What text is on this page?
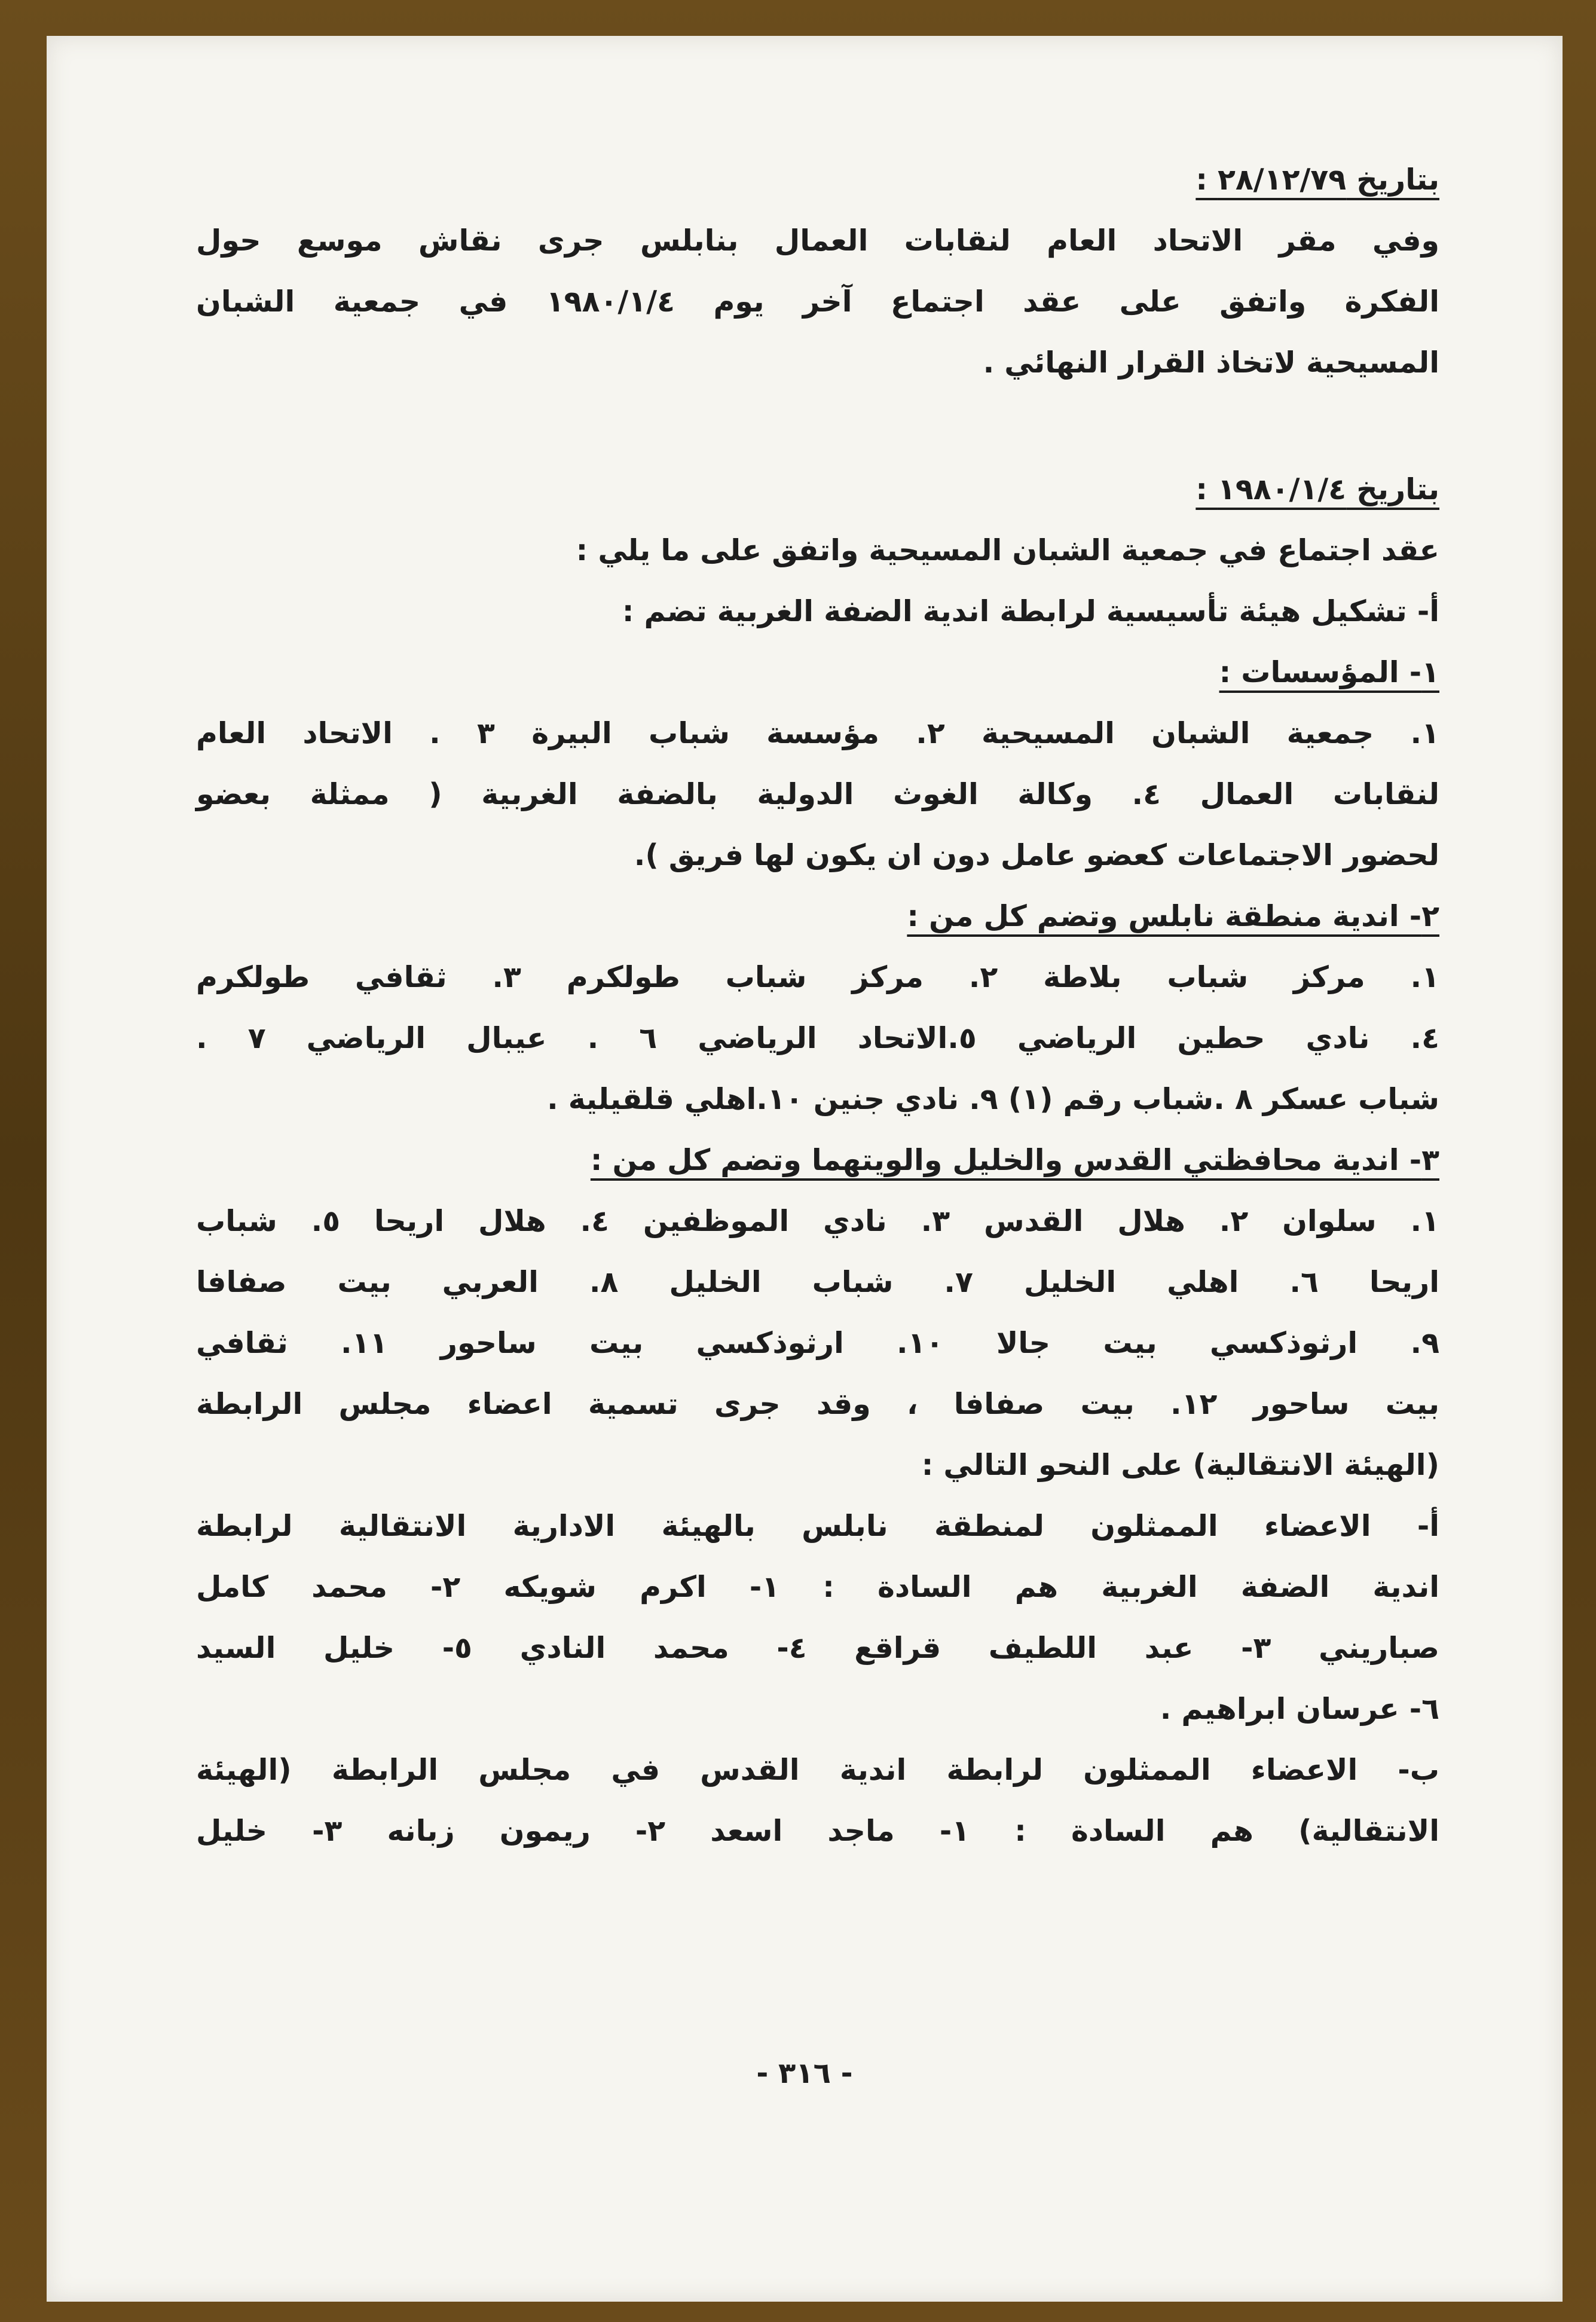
بتاريخ ٢٨/١٢/٧٩ :
وفي مقر الاتحاد العام لنقابات العمال بنابلس جرى نقاش موسع حول
الفكرة واتفق على عقد اجتماع آخر يوم ١٩٨٠/١/٤ في جمعية الشبان
المسيحية لاتخاذ القرار النهائي .
بتاريخ ١٩٨٠/١/٤ :
عقد اجتماع في جمعية الشبان المسيحية واتفق على ما يلي :
أ- تشكيل هيئة تأسيسية لرابطة اندية الضفة الغربية تضم :
١- المؤسسات :
١. جمعية الشبان المسيحية ٢. مؤسسة شباب البيرة ٣ . الاتحاد العام
لنقابات العمال ٤. وكالة الغوث الدولية بالضفة الغربية ( ممثلة بعضو
لحضور الاجتماعات كعضو عامل دون ان يكون لها فريق ).
٢- اندية منطقة نابلس وتضم كل من :
١. مركز شباب بلاطة ٢. مركز شباب طولكرم ٣. ثقافي طولكرم
٤. نادي حطين الرياضي ٥.الاتحاد الرياضي ٦ . عيبال الرياضي ٧ .
شباب عسكر ٨ .شباب رقم (١) ٩. نادي جنين ١٠.اهلي قلقيلية .
٣- اندية محافظتي القدس والخليل والويتهما وتضم كل من :
١. سلوان ٢. هلال القدس ٣. نادي الموظفين ٤. هلال اريحا ٥. شباب
اريحا ٦. اهلي الخليل ٧. شباب الخليل ٨. العربي بيت صفافا
٩. ارثوذكسي بيت جالا ١٠. ارثوذكسي بيت ساحور ١١. ثقافي
بيت ساحور ١٢. بيت صفافا ، وقد جرى تسمية اعضاء مجلس الرابطة
(الهيئة الانتقالية) على النحو التالي :
أ- الاعضاء الممثلون لمنطقة نابلس بالهيئة الادارية الانتقالية لرابطة
اندية الضفة الغربية هم السادة : ١- اكرم شويكه ٢- محمد كامل
صباريني ٣- عبد اللطيف قراقع ٤- محمد النادي ٥- خليل السيد
٦- عرسان ابراهيم .
ب- الاعضاء الممثلون لرابطة اندية القدس في مجلس الرابطة (الهيئة
الانتقالية) هم السادة : ١- ماجد اسعد ٢- ريمون زبانه ٣- خليل
- ٣١٦ -
